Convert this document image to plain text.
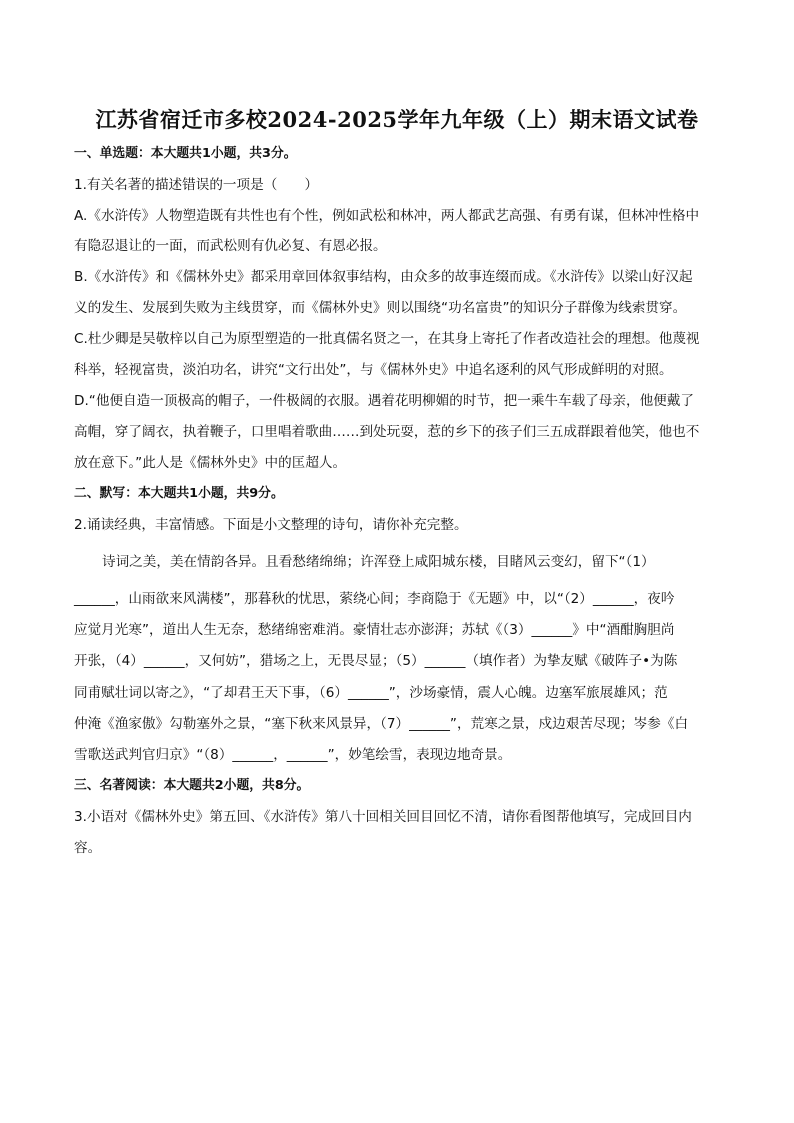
江苏省宿迁市多校2024-2025学年九年级（上）期末语文试卷
一、单选题：本大题共1小题，共3分。
1.有关名著的描述错误的一项是（　　）
A.《水浒传》人物塑造既有共性也有个性，例如武松和林冲，两人都武艺高强、有勇有谋，但林冲性格中
有隐忍退让的一面，而武松则有仇必复、有恩必报。
B.《水浒传》和《儒林外史》都采用章回体叙事结构，由众多的故事连缀而成。《水浒传》以梁山好汉起
义的发生、发展到失败为主线贯穿，而《儒林外史》则以围绕“功名富贵”的知识分子群像为线索贯穿。
C.杜少卿是吴敬梓以自己为原型塑造的一批真儒名贤之一，在其身上寄托了作者改造社会的理想。他蔑视
科举，轻视富贵，淡泊功名，讲究“文行出处”，与《儒林外史》中追名逐利的风气形成鲜明的对照。
D.“他便自造一顶极高的帽子，一件极阔的衣服。遇着花明柳媚的时节，把一乘牛车载了母亲，他便戴了
高帽，穿了阔衣，执着鞭子，口里唱着歌曲……到处玩耍，惹的乡下的孩子们三五成群跟着他笑，他也不
放在意下。”此人是《儒林外史》中的匡超人。
二、默写：本大题共1小题，共9分。
2.诵读经典，丰富情感。下面是小文整理的诗句，请你补充完整。
诗词之美，美在情韵各异。且看愁绪绵绵；许浑登上咸阳城东楼，目睹风云变幻，留下“（1）
______，山雨欲来风满楼”，那暮秋的忧思，萦绕心间；李商隐于《无题》中，以“（2）______，夜吟
应觉月光寒”，道出人生无奈，愁绪绵密难消。豪情壮志亦澎湃；苏轼《（3）______》中“酒酣胸胆尚
开张，（4）______，又何妨”，猎场之上，无畏尽显；（5）______（填作者）为挚友赋《破阵子•为陈
同甫赋壮词以寄之》，“了却君王天下事，（6）______”，沙场豪情，震人心魄。边塞军旅展雄风；范
仲淹《渔家傲》勾勒塞外之景，“塞下秋来风景异，（7）______”，荒寒之景，戍边艰苦尽现；岑参《白
雪歌送武判官归京》“（8）______，______”，妙笔绘雪，表现边地奇景。
三、名著阅读：本大题共2小题，共8分。
3.小语对《儒林外史》第五回、《水浒传》第八十回相关回目回忆不清，请你看图帮他填写，完成回目内
容。
